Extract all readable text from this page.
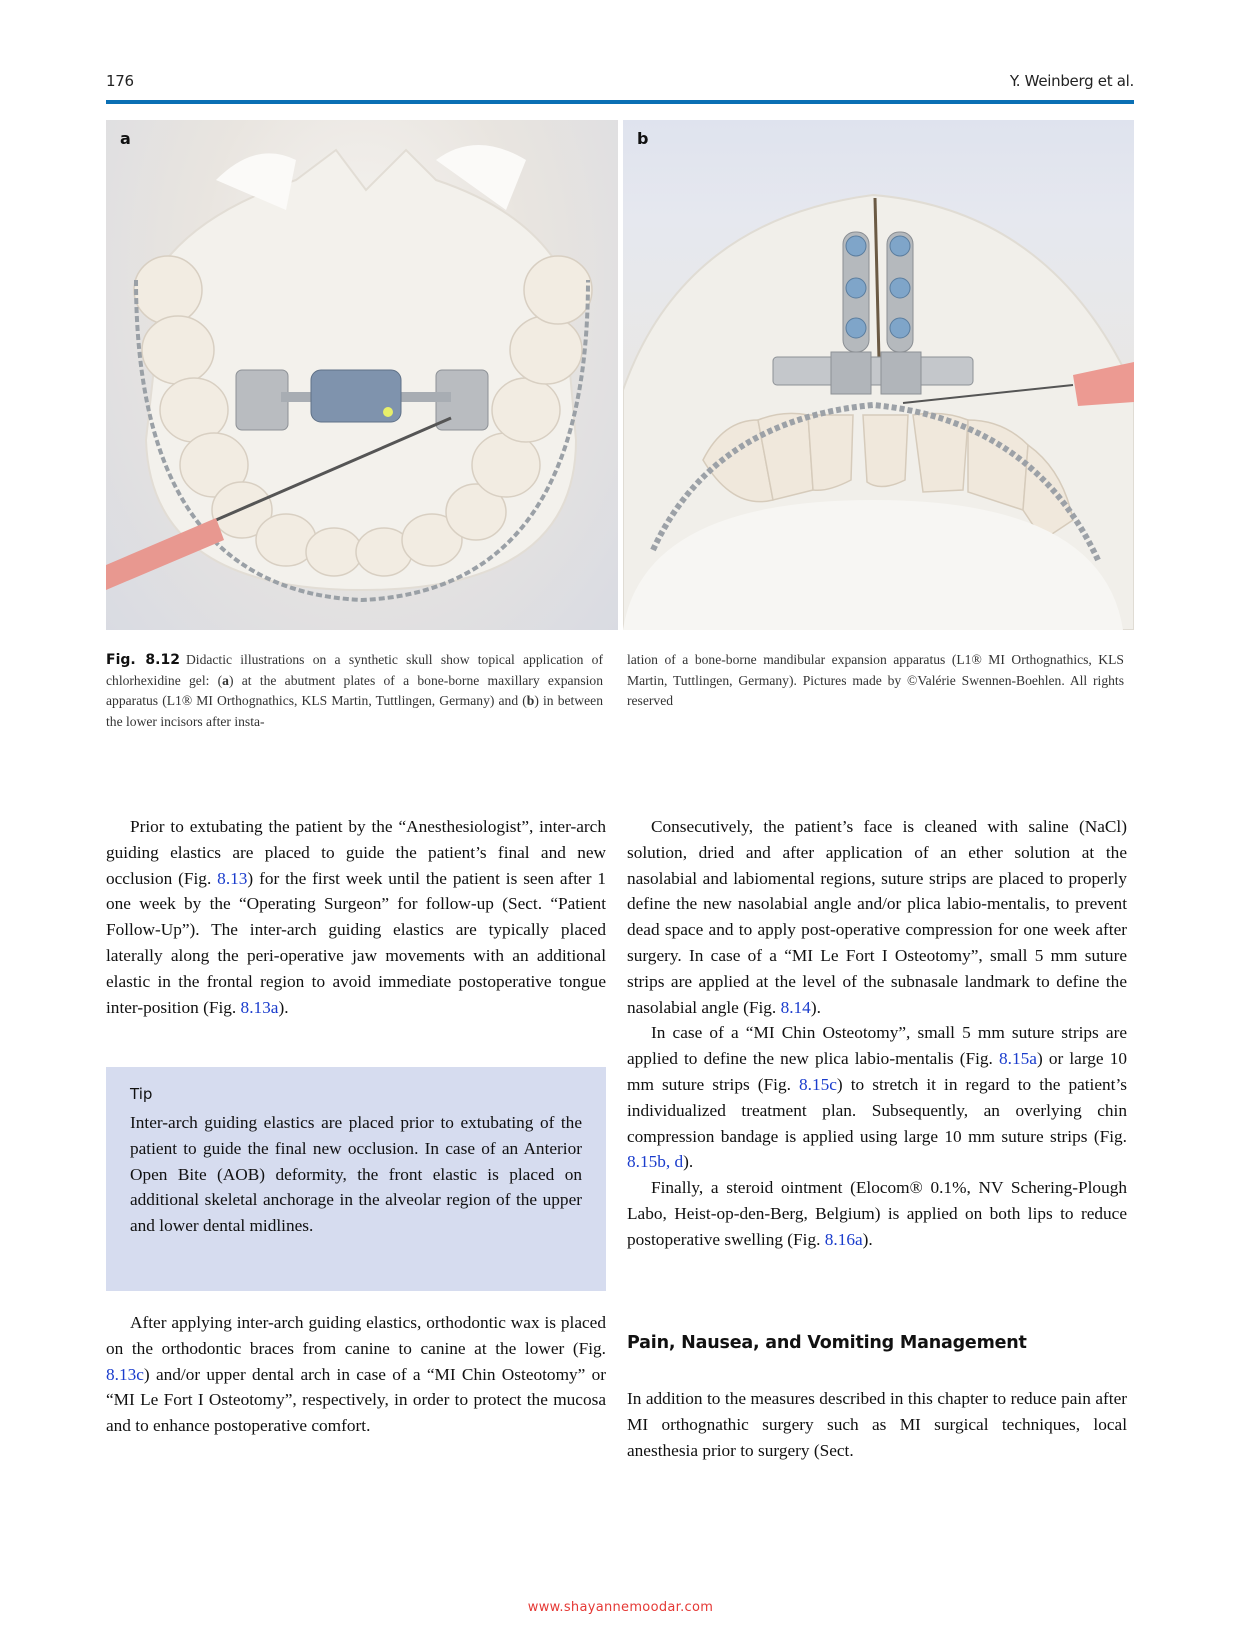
176	Y. Weinberg et al.
a	b
Fig. 8.12 Didactic illustrations on a synthetic skull show topical application of chlorhexidine gel: (a) at the abutment plates of a bone-borne maxillary expansion apparatus (L1® MI Orthognathics, KLS Martin, Tuttlingen, Germany) and (b) in between the lower incisors after insta-
lation of a bone-borne mandibular expansion apparatus (L1® MI Orthognathics, KLS Martin, Tuttlingen, Germany). Pictures made by ©Valérie Swennen-Boehlen. All rights reserved

Prior to extubating the patient by the “Anesthesiologist”, inter-arch guiding elastics are placed to guide the patient’s final and new occlusion (Fig. 8.13) for the first week until the patient is seen after 1 one week by the “Operating Surgeon” for follow-up (Sect. “Patient Follow-Up”). The inter-arch guiding elastics are typically placed laterally along the peri-operative jaw movements with an additional elastic in the frontal region to avoid immediate postoperative tongue inter-position (Fig. 8.13a).

Tip
Inter-arch guiding elastics are placed prior to extubating of the patient to guide the final new occlusion. In case of an Anterior Open Bite (AOB) deformity, the front elastic is placed on additional skeletal anchorage in the alveolar region of the upper and lower dental midlines.

After applying inter-arch guiding elastics, orthodontic wax is placed on the orthodontic braces from canine to canine at the lower (Fig. 8.13c) and/or upper dental arch in case of a “MI Chin Osteotomy” or “MI Le Fort I Osteotomy”, respectively, in order to protect the mucosa and to enhance postoperative comfort.

Consecutively, the patient’s face is cleaned with saline (NaCl) solution, dried and after application of an ether solution at the nasolabial and labiomental regions, suture strips are placed to properly define the new nasolabial angle and/or plica labio-mentalis, to prevent dead space and to apply post-operative compression for one week after surgery. In case of a “MI Le Fort I Osteotomy”, small 5 mm suture strips are applied at the level of the subnasale landmark to define the nasolabial angle (Fig. 8.14).

In case of a “MI Chin Osteotomy”, small 5 mm suture strips are applied to define the new plica labio-mentalis (Fig. 8.15a) or large 10 mm suture strips (Fig. 8.15c) to stretch it in regard to the patient’s individualized treatment plan. Subsequently, an overlying chin compression bandage is applied using large 10 mm suture strips (Fig. 8.15b, d).

Finally, a steroid ointment (Elocom® 0.1%, NV Schering-Plough Labo, Heist-op-den-Berg, Belgium) is applied on both lips to reduce postoperative swelling (Fig. 8.16a).

Pain, Nausea, and Vomiting Management

In addition to the measures described in this chapter to reduce pain after MI orthognathic surgery such as MI surgical techniques, local anesthesia prior to surgery (Sect.

www.shayannemoodar.com
